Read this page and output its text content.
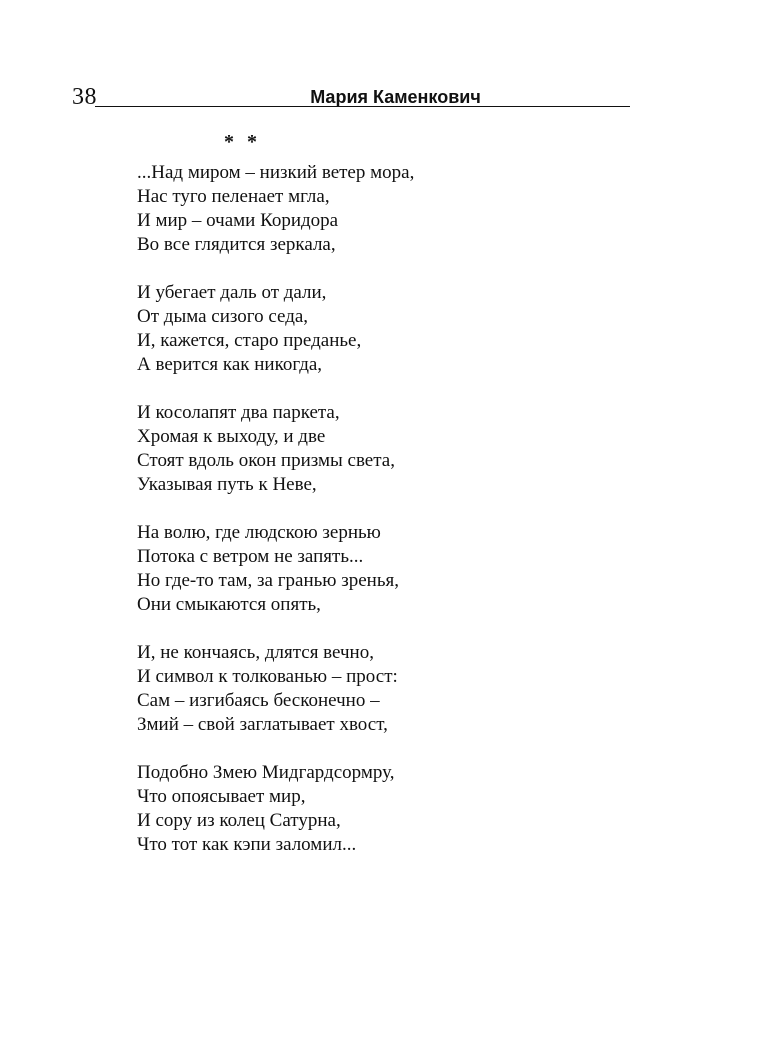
38	Мария Каменкович
* *
...Над миром – низкий ветер мора,
Нас туго пеленает мгла,
И мир – очами Коридора
Во все глядится зеркала,
И убегает даль от дали,
От дыма сизого седа,
И, кажется, старо преданье,
А верится как никогда,
И косолапят два паркета,
Хромая к выходу, и две
Стоят вдоль окон призмы света,
Указывая путь к Неве,
На волю, где людскою зернью
Потока с ветром не запять...
Но где-то там, за гранью зренья,
Они смыкаются опять,
И, не кончаясь, длятся вечно,
И символ к толкованью – прост:
Сам – изгибаясь бесконечно –
Змий – свой заглатывает хвост,
Подобно Змею Мидгардсормру,
Что опоясывает мир,
И сору из колец Сатурна,
Что тот как кэпи заломил...
